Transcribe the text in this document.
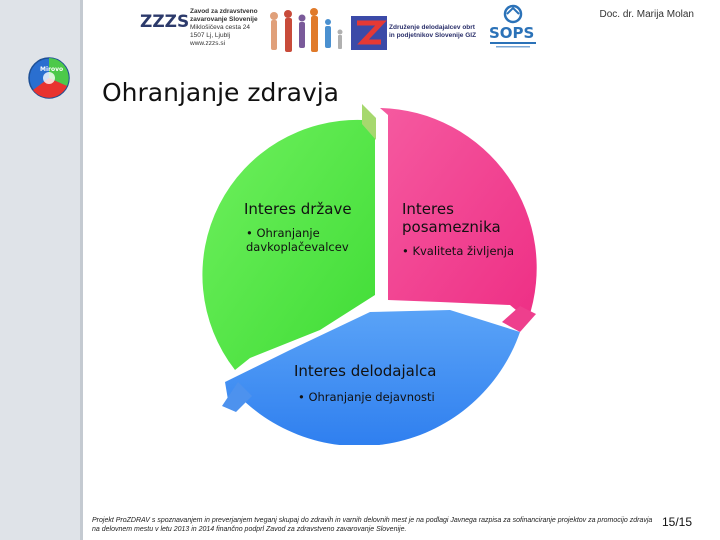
Mirovo
ZZZS
Zavod za zdravstveno
zavarovanje Slovenije
Miklošičeva cesta 24
1507 Lj, Ljublj
www.zzzs.si
Združenje delodajalcev obrt
in podjetnikov Slovenije GIZ SOPS
Doc. dr. Marija Molan
Ohranjanje zdravja
Interes države
• Ohranjanje davkoplačevalcev
Interes posameznika
• Kvaliteta življenja
Interes delodajalca
• Ohranjanje dejavnosti
Projekt ProZDRAV s spoznavanjem in preverjanjem tveganj skupaj do zdravih in varnih delovnih mest je na podlagi Javnega razpisa za sofinanciranje projektov za promocijo zdravja na delovnem mestu v letu 2013 in 2014 finančno podprl Zavod za zdravstveno zavarovanje Slovenije.
15/15
